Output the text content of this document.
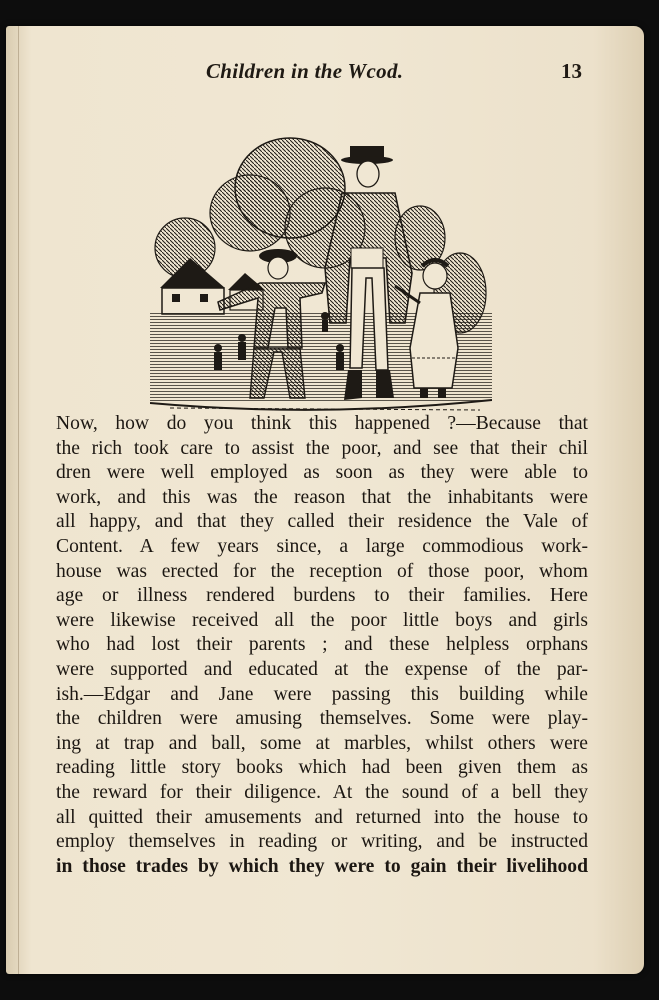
Children in the Wcod.	13
Now, how do you think this happened ?—Because that
the rich took care to assist the poor, and see that their chil
dren were well employed as soon as they were able to
work, and this was the reason that the inhabitants were
all happy, and that they called their residence the Vale of
Content. A few years since, a large commodious work-
house was erected for the reception of those poor, whom
age or illness rendered burdens to their families. Here
were likewise received all the poor little boys and girls
who had lost their parents ; and these helpless orphans
were supported and educated at the expense of the par-
ish.—Edgar and Jane were passing this building while
the children were amusing themselves. Some were play-
ing at trap and ball, some at marbles, whilst others were
reading little story books which had been given them as
the reward for their diligence. At the sound of a bell they
all quitted their amusements and returned into the house to
employ themselves in reading or writing, and be instructed
in those trades by which they were to gain their livelihood
